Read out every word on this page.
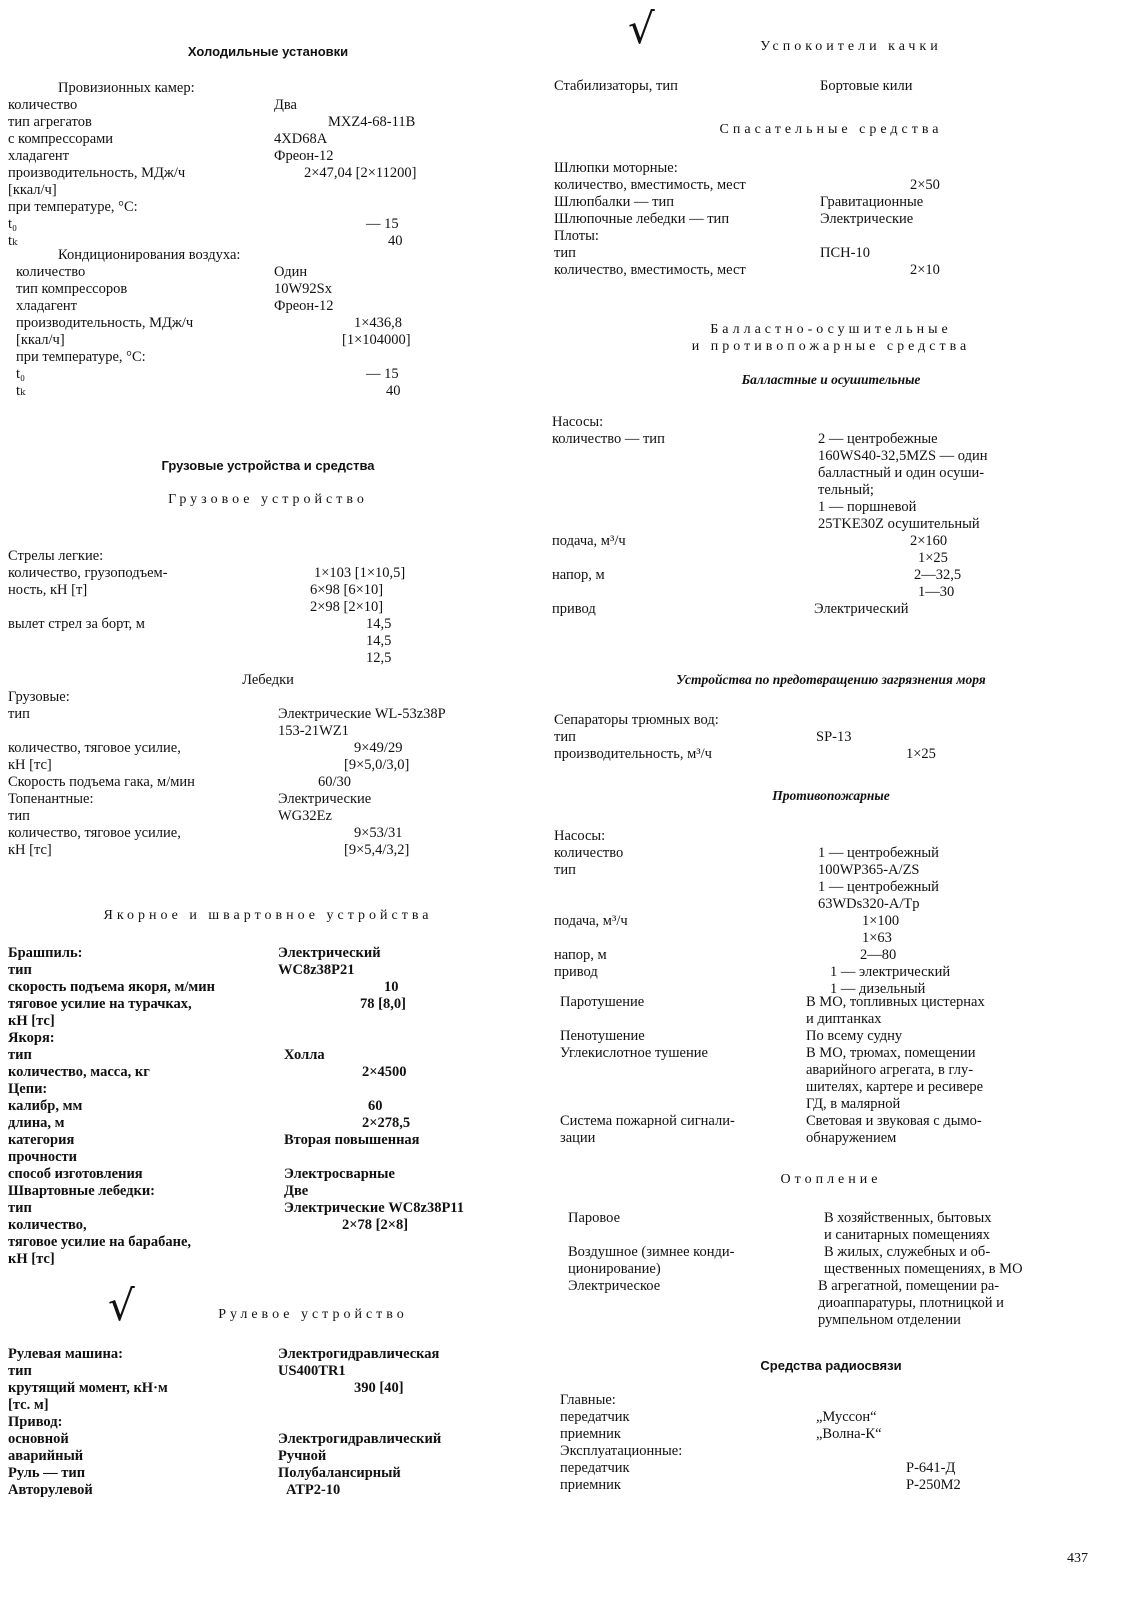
Холодильные установки
Провизионных камер:
количество	Два
тип агрегатов	MXZ4-68-11B
с компрессорами	4XD68A
хладагент	Фреон-12
производительность, МДж/ч	2×47,04 [2×11200]
[ккал/ч]
при температуре, °C:
t₀	— 15
tₖ	40
Кондиционирования воздуха:
количество	Один
тип компрессоров	10W92Sx
хладагент	Фреон-12
производительность, МДж/ч	1×436,8
[ккал/ч]	[1×104000]
при температуре, °C:
t₀	— 15
tₖ	40
Грузовые устройства и средства
Грузовое устройство
Стрелы легкие:
количество, грузоподъем-	1×103 [1×10,5]
ность, кН [т]	6×98 [6×10]
2×98 [2×10]
вылет стрел за борт, м	14,5
14,5
12,5
Лебедки
Грузовые:
тип	Электрические WL-53z38P
153-21WZ1
количество, тяговое усилие,	9×49/29
кН [тс]	[9×5,0/3,0]
Скорость подъема гака, м/мин	60/30
Топенантные:	Электрические
тип	WG32Ez
количество, тяговое усилие,	9×53/31
кН [тс]	[9×5,4/3,2]
Якорное и швартовное устройства
Брашпиль:	Электрический
тип	WC8z38P21
скорость подъема якоря, м/мин	10
тяговое усилие на турачках,	78 [8,0]
кН [тс]
Якоря:
тип	Холла
количество, масса, кг	2×4500
Цепи:
калибр, мм	60
длина, м	2×278,5
категория	Вторая повышенная
прочности
способ изготовления	Электросварные
Швартовные лебедки:	Две
тип	Электрические WC8z38P11
количество,	2×78 [2×8]
тяговое усилие на барабане,
кН [тс]
√	Рулевое устройство
Рулевая машина:	Электрогидравлическая
тип	US400TR1
крутящий момент, кН·м	390 [40]
[тс. м]
Привод:
основной	Электрогидравлический
аварийный	Ручной
Руль — тип	Полубалансирный
Авторулевой	АТР2-10
√	Успокоители качки
Стабилизаторы, тип	Бортовые кили
Спасательные средства
Шлюпки моторные:
количество, вместимость, мест	2×50
Шлюпбалки — тип	Гравитационные
Шлюпочные лебедки — тип	Электрические
Плоты:
тип	ПСН-10
количество, вместимость, мест	2×10
Балластно-осушительные
и противопожарные средства
Балластные и осушительные
Насосы:
количество — тип	2 — центробежные
160WS40-32,5MZS — один
балластный и один осуши-
тельный;
1 — поршневой
25TKE30Z осушительный
подача, м³/ч	2×160
1×25
напор, м	2—32,5
1—30
привод	Электрический
Устройства по предотвращению загрязнения моря
Сепараторы трюмных вод:
тип	SP-13
производительность, м³/ч	1×25
Противопожарные
Насосы:
количество	1 — центробежный
тип	100WP365-A/ZS
1 — центробежный
63WDs320-A/Tp
подача, м³/ч	1×100
1×63
напор, м	2—80
привод	1 — электрический
1 — дизельный
Паротушение	В МО, топливных цистернах
и диптанках
Пенотушение	По всему судну
Углекислотное тушение	В МО, трюмах, помещении
аварийного агрегата, в глу-
шителях, картере и ресивере
ГД, в малярной
Система пожарной сигнали-	Световая и звуковая с дымо-
зации	обнаружением
Отопление
Паровое	В хозяйственных, бытовых
и санитарных помещениях
Воздушное (зимнее конди-	В жилых, служебных и об-
ционирование)	щественных помещениях, в МО
Электрическое	В агрегатной, помещении ра-
диоаппаратуры, плотницкой и
румпельном отделении
Средства радиосвязи
Главные:
передатчик	„Муссон“
приемник	„Волна-К“
Эксплуатационные:
передатчик	Р-641-Д
приемник	Р-250М2
437
